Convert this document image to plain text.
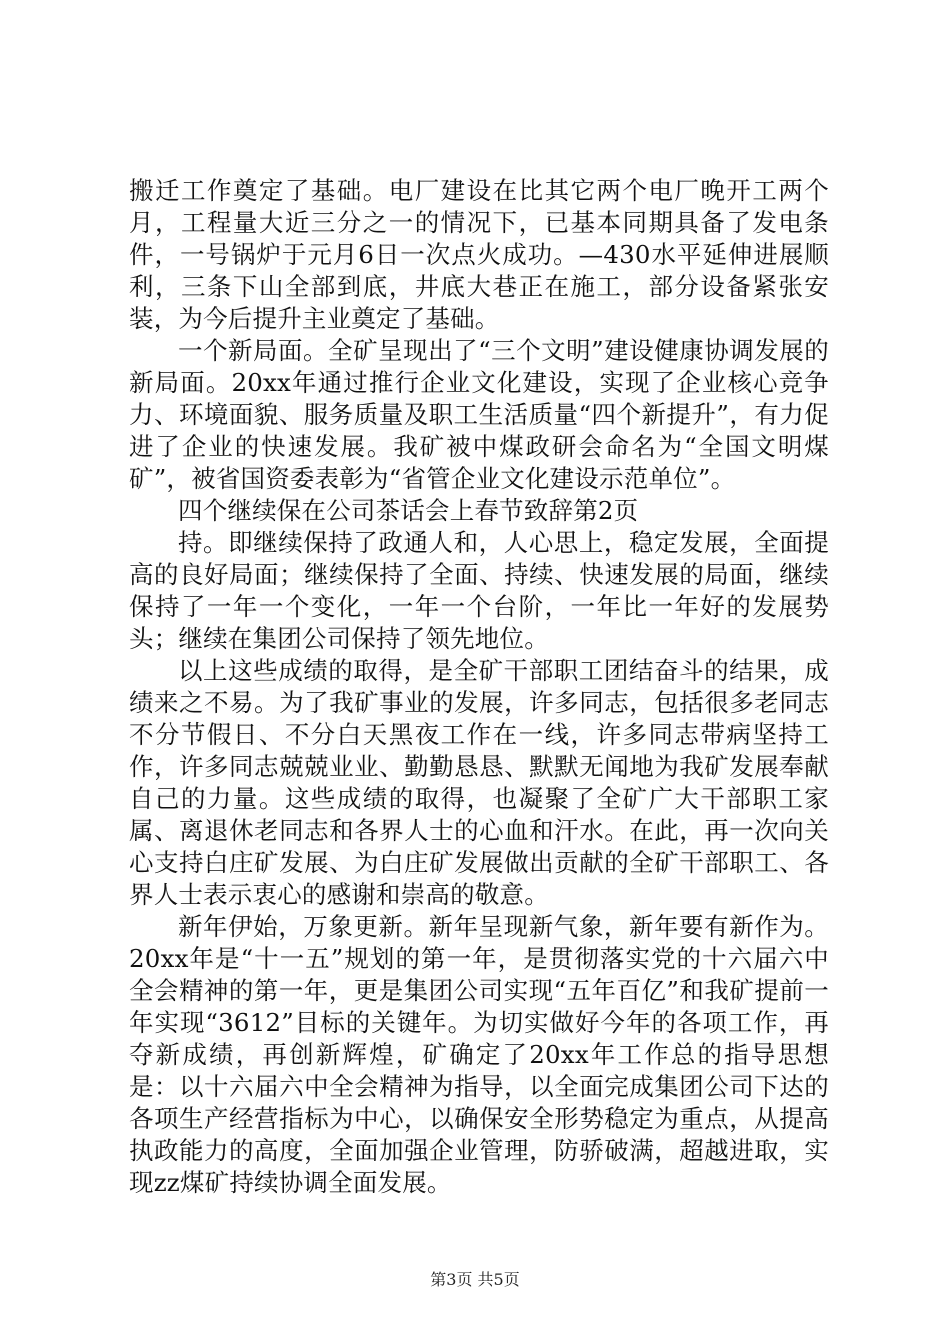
搬迁工作奠定了基础。电厂建设在比其它两个电厂晚开工两个月，工程量大近三分之一的情况下，已基本同期具备了发电条件，一号锅炉于元月6日一次点火成功。—430水平延伸进展顺利，三条下山全部到底，井底大巷正在施工，部分设备紧张安装，为今后提升主业奠定了基础。

一个新局面。全矿呈现出了“三个文明”建设健康协调发展的新局面。20xx年通过推行企业文化建设，实现了企业核心竞争力、环境面貌、服务质量及职工生活质量“四个新提升”，有力促进了企业的快速发展。我矿被中煤政研会命名为“全国文明煤矿”，被省国资委表彰为“省管企业文化建设示范单位”。

四个继续保在公司茶话会上春节致辞第2页

持。即继续保持了政通人和，人心思上，稳定发展，全面提高的良好局面；继续保持了全面、持续、快速发展的局面，继续保持了一年一个变化，一年一个台阶，一年比一年好的发展势头；继续在集团公司保持了领先地位。

以上这些成绩的取得，是全矿干部职工团结奋斗的结果，成绩来之不易。为了我矿事业的发展，许多同志，包括很多老同志不分节假日、不分白天黑夜工作在一线，许多同志带病坚持工作，许多同志兢兢业业、勤勤恳恳、默默无闻地为我矿发展奉献自己的力量。这些成绩的取得，也凝聚了全矿广大干部职工家属、离退休老同志和各界人士的心血和汗水。在此，再一次向关心支持白庄矿发展、为白庄矿发展做出贡献的全矿干部职工、各界人士表示衷心的感谢和崇高的敬意。

新年伊始，万象更新。新年呈现新气象，新年要有新作为。20xx年是“十一五”规划的第一年，是贯彻落实党的十六届六中全会精神的第一年，更是集团公司实现“五年百亿”和我矿提前一年实现“3612”目标的关键年。为切实做好今年的各项工作，再夺新成绩，再创新辉煌，矿确定了20xx年工作总的指导思想是：以十六届六中全会精神为指导，以全面完成集团公司下达的各项生产经营指标为中心，以确保安全形势稳定为重点，从提高执政能力的高度，全面加强企业管理，防骄破满，超越进取，实现zz煤矿持续协调全面发展。

第3页 共5页
